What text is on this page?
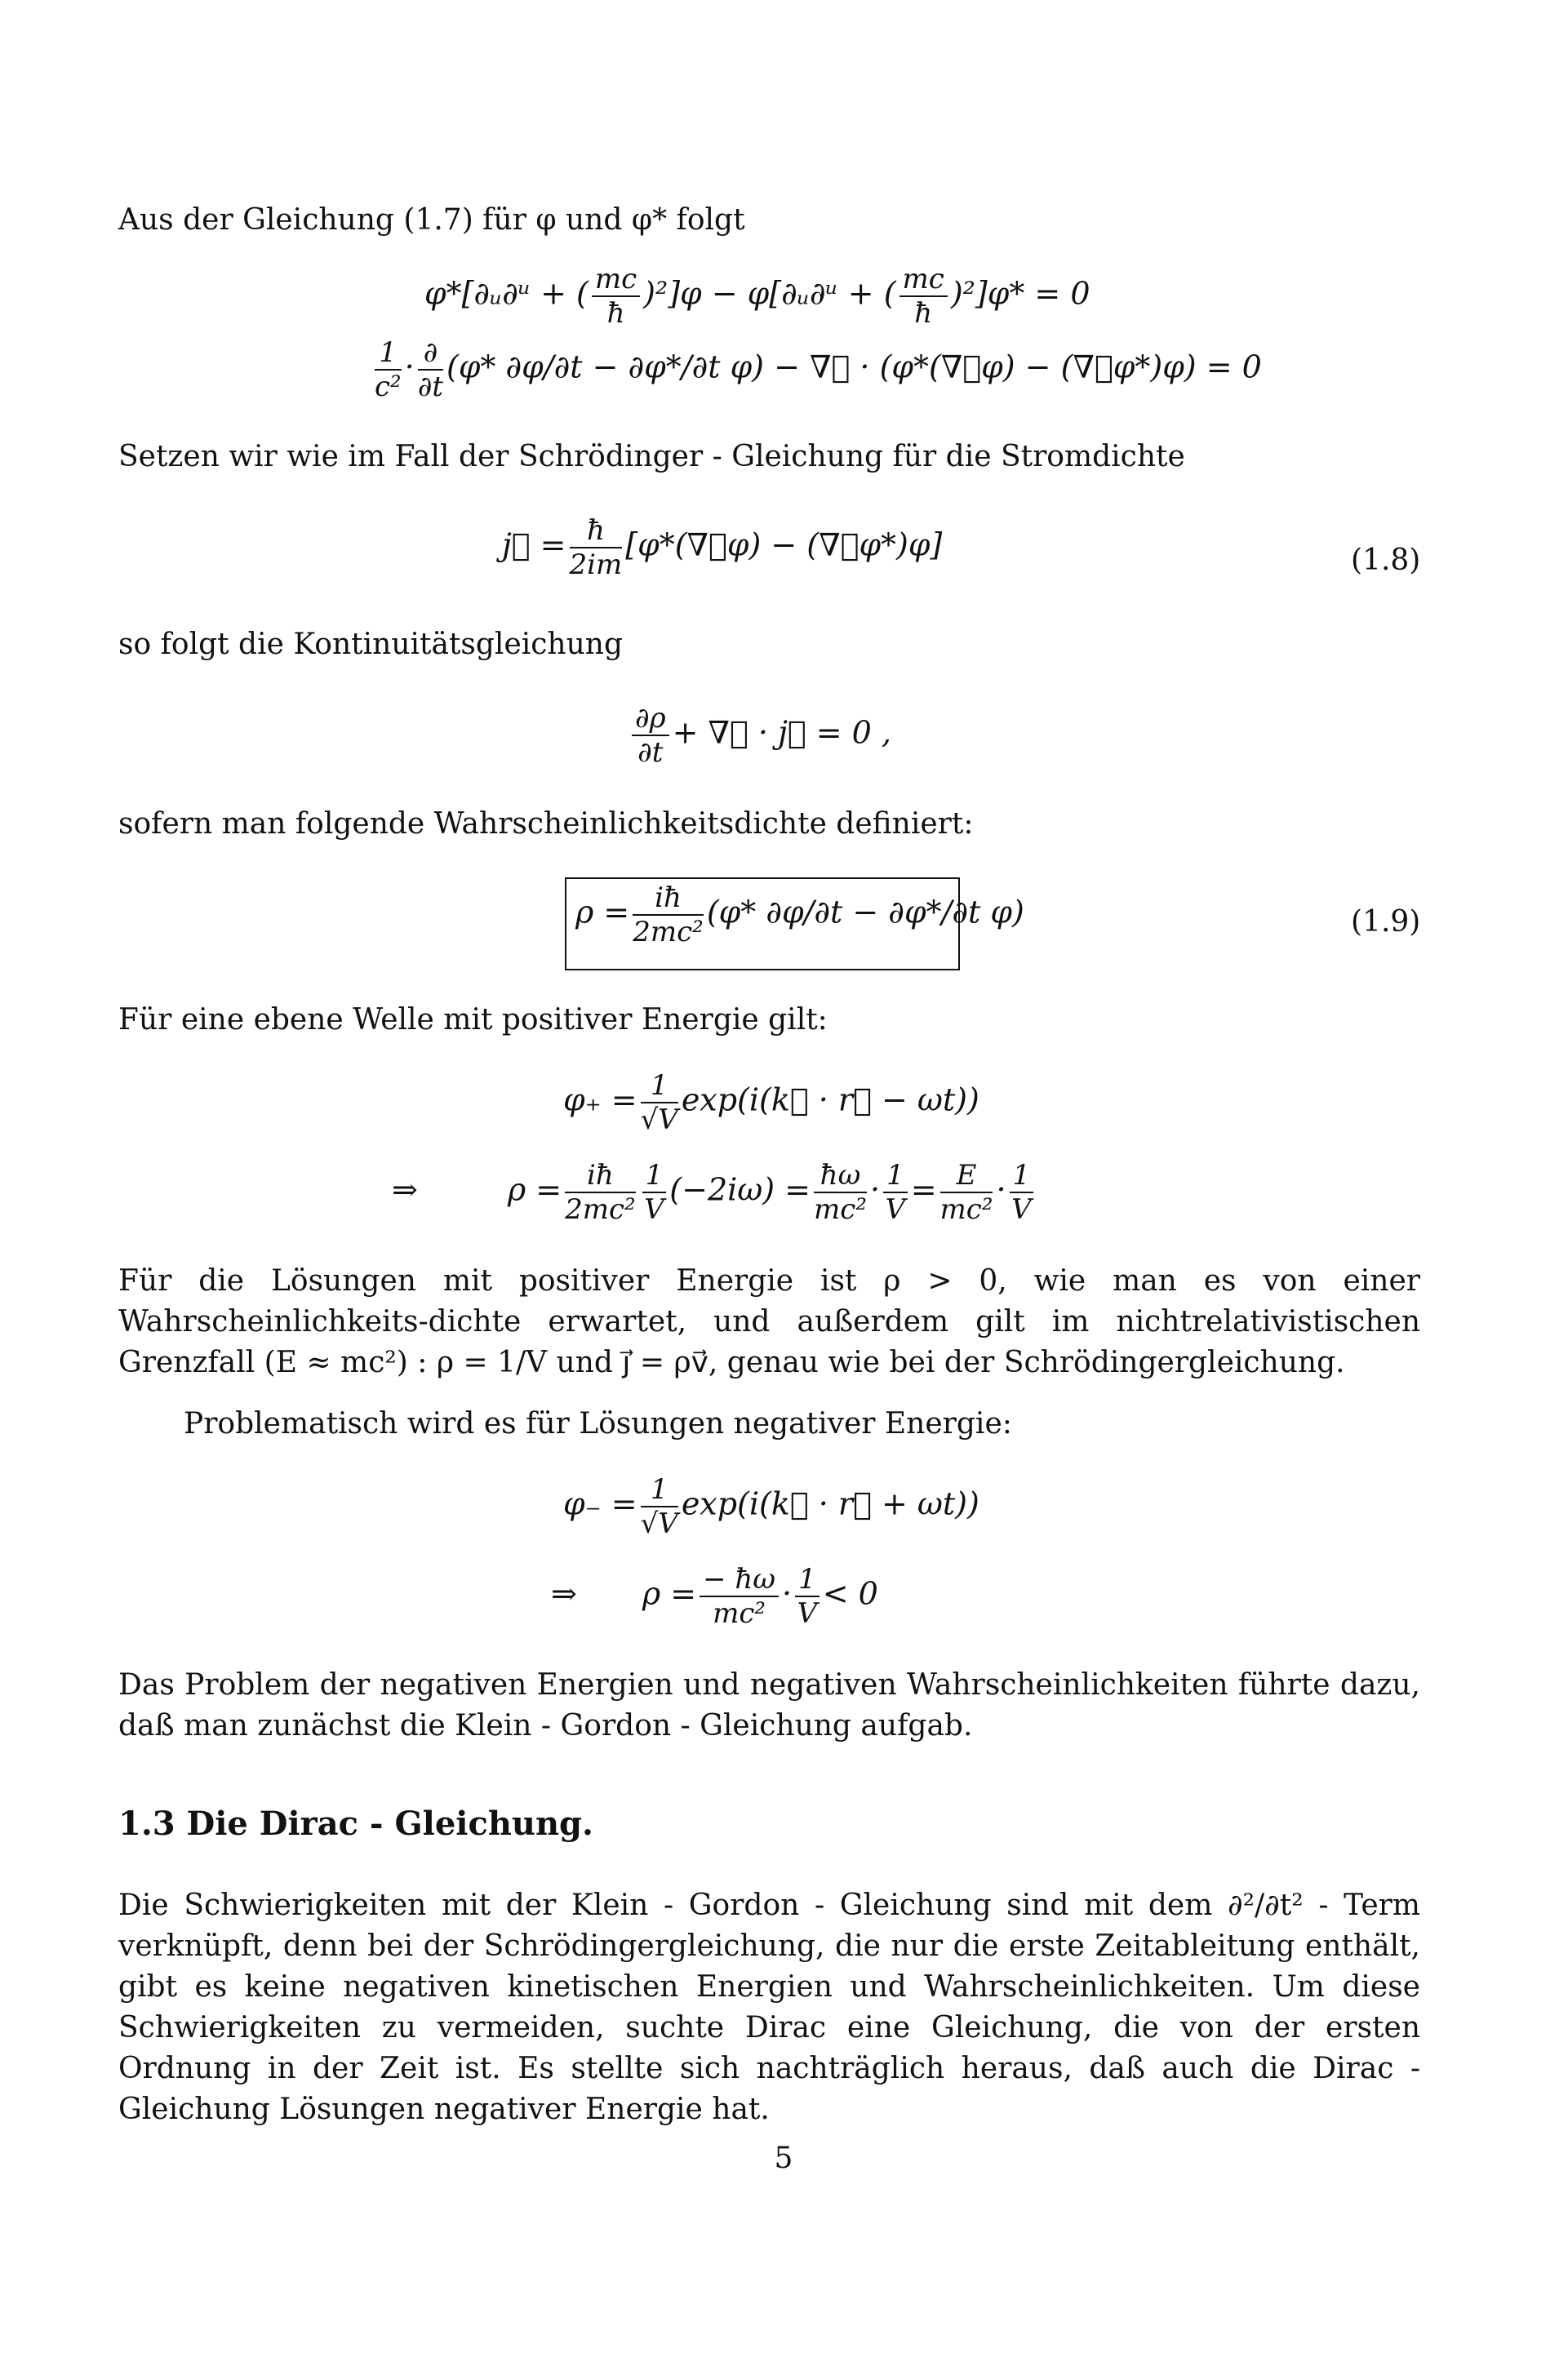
Aus der Gleichung (1.7) für φ und φ* folgt
φ*[∂ᵤ∂ᵘ + ( $\frac{mc}{ħ} )^2]\varphi$ − φ[∂ᵤ∂ᵘ + ( $\frac{mc}{ħ} )^2]\varphi* = 0$
$\frac{1}{\text{c²}} \cdot \frac{\partial}{\partial t} (\varphi*$ ∂φ/∂t − ∂φ*/∂t φ) − ∇⃗ · (φ*(∇⃗φ) − (∇⃗φ*)φ) = 0
Setzen wir wie im Fall der Schrödinger - Gleichung für die Stromdichte
j⃗ = $\frac{ħ}{2im}$ [φ*(∇⃗φ) − (∇⃗φ*)φ]	(1.8)
so folgt die Kontinuitätsgleichung
$\frac{\partial\rho}{\partial t}$ + ∇⃗ · j⃗ = 0 ,
sofern man folgende Wahrscheinlichkeitsdichte definiert:
$\rho = \frac{iħ}{\text{2mc²}} (\varphi*$ ∂φ/∂t − ∂φ*/∂t φ)	(1.9)
Für eine ebene Welle mit positiver Energie gilt:
$\varphi_+ = \frac{1}{√V}$ exp(i(k⃗ · r⃗ − ωt))
⇒	$\rho = \frac{iħ}{\text{2mc²}} \frac{1}{V} (-2i\omega) = \frac{ħ\omega}{\text{mc²}} \cdot \frac{1}{V} = \frac{E}{\text{mc²}} \cdot \frac{1}{V}$
Für die Lösungen mit positiver Energie ist ρ > 0, wie man es von einer Wahrscheinlichkeits-dichte erwartet, und außerdem gilt im nichtrelativistischen Grenzfall (E ≈ mc²) : ρ = 1/V und j⃗ = ρv⃗, genau wie bei der Schrödingergleichung.
Problematisch wird es für Lösungen negativer Energie:
$\varphi_- = \frac{1}{√V}$ exp(i(k⃗ · r⃗ + ωt))
⇒ $\rho = \frac{- ħ\omega}{\text{mc²}} \cdot \frac{1}{V} < 0$
Das Problem der negativen Energien und negativen Wahrscheinlichkeiten führte dazu, daß man zunächst die Klein - Gordon - Gleichung aufgab.
1.3 Die Dirac - Gleichung.
Die Schwierigkeiten mit der Klein - Gordon - Gleichung sind mit dem ∂²/∂t² - Term verknüpft, denn bei der Schrödingergleichung, die nur die erste Zeitableitung enthält, gibt es keine negativen kinetischen Energien und Wahrscheinlichkeiten. Um diese Schwierigkeiten zu vermeiden, suchte Dirac eine Gleichung, die von der ersten Ordnung in der Zeit ist. Es stellte sich nachträglich heraus, daß auch die Dirac - Gleichung Lösungen negativer Energie hat.
5
